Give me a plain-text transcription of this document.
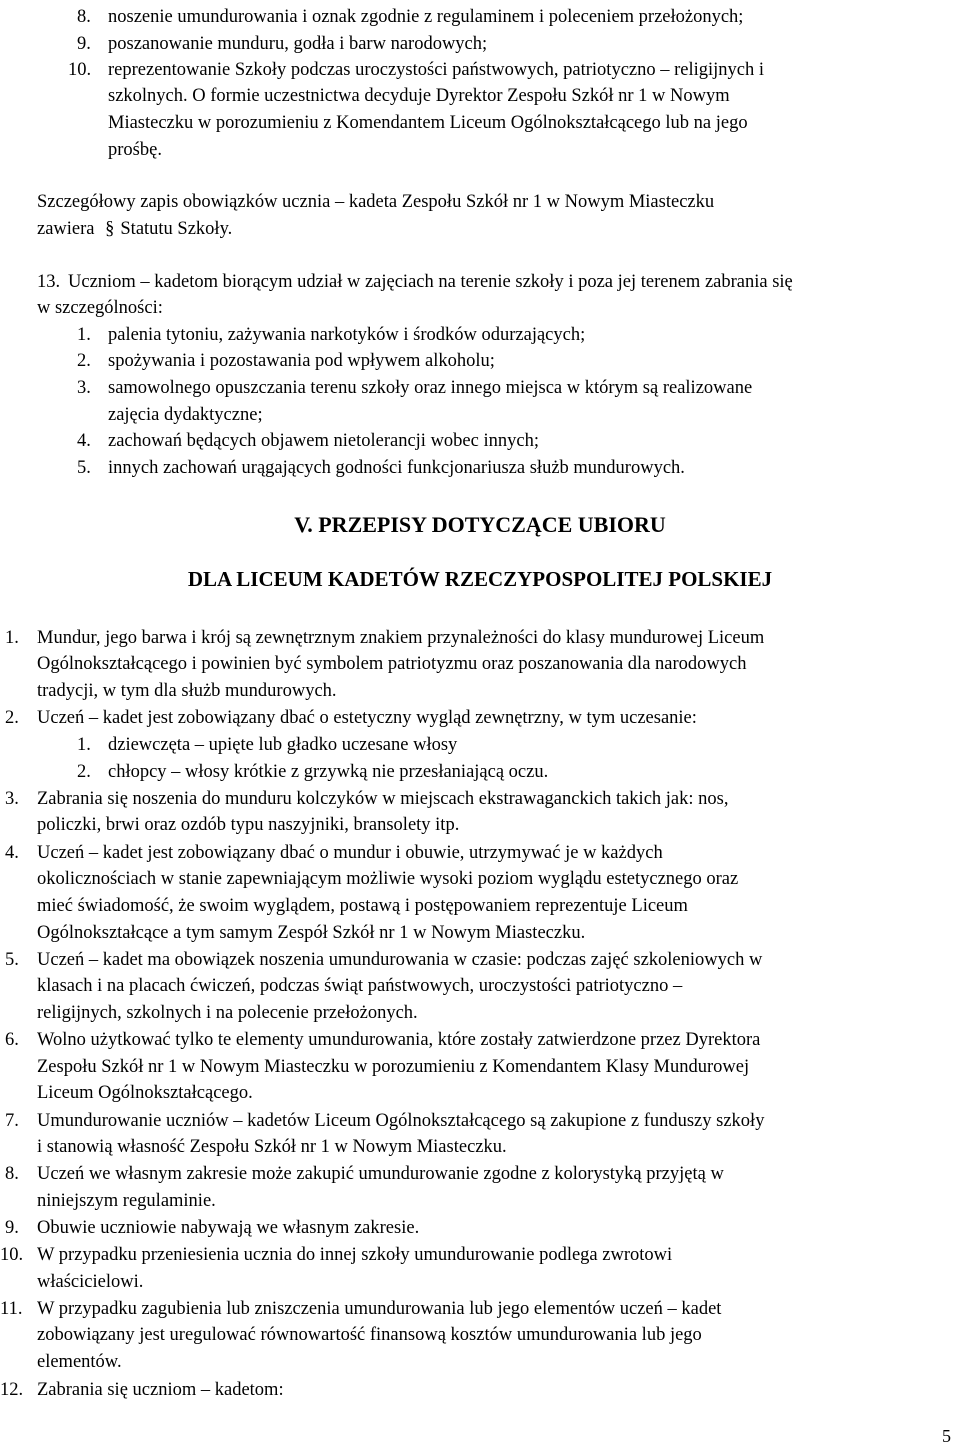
8. noszenie umundurowania i oznak zgodnie z regulaminem i poleceniem przełożonych;
9. poszanowanie munduru, godła i barw narodowych;
10. reprezentowanie Szkoły podczas uroczystości państwowych, patriotyczno – religijnych i
szkolnych. O formie uczestnictwa decyduje Dyrektor Zespołu Szkół nr 1 w Nowym
Miasteczku w porozumieniu z Komendantem Liceum Ogólnokształcącego lub na jego
prośbę.
Szczegółowy zapis obowiązków ucznia – kadeta Zespołu Szkół nr 1 w Nowym Miasteczku
zawiera § Statutu Szkoły.
13. Uczniom – kadetom biorącym udział w zajęciach na terenie szkoły i poza jej terenem zabrania się
w szczególności:
1. palenia tytoniu, zażywania narkotyków i środków odurzających;
2. spożywania i pozostawania pod wpływem alkoholu;
3. samowolnego opuszczania terenu szkoły oraz innego miejsca w którym są realizowane
zajęcia dydaktyczne;
4. zachowań będących objawem nietolerancji wobec innych;
5. innych zachowań urągających godności funkcjonariusza służb mundurowych.
V. PRZEPISY DOTYCZĄCE UBIORU
DLA LICEUM KADETÓW RZECZYPOSPOLITEJ POLSKIEJ
1. Mundur, jego barwa i krój są zewnętrznym znakiem przynależności do klasy mundurowej Liceum
Ogólnokształcącego i powinien być symbolem patriotyzmu oraz poszanowania dla narodowych
tradycji, w tym dla służb mundurowych.
2. Uczeń – kadet jest zobowiązany dbać o estetyczny wygląd zewnętrzny, w tym uczesanie:
1. dziewczęta – upięte lub gładko uczesane włosy
2. chłopcy – włosy krótkie z grzywką nie przesłaniającą oczu.
3. Zabrania się noszenia do munduru kolczyków w miejscach ekstrawaganckich takich jak: nos,
policzki, brwi oraz ozdób typu naszyjniki, bransolety itp.
4. Uczeń – kadet jest zobowiązany dbać o mundur i obuwie, utrzymywać je w każdych
okolicznościach w stanie zapewniającym możliwie wysoki poziom wyglądu estetycznego oraz
mieć świadomość, że swoim wyglądem, postawą i postępowaniem reprezentuje Liceum
Ogólnokształcące a tym samym Zespół Szkół nr 1 w Nowym Miasteczku.
5. Uczeń – kadet ma obowiązek noszenia umundurowania w czasie: podczas zajęć szkoleniowych w
klasach i na placach ćwiczeń, podczas świąt państwowych, uroczystości patriotyczno –
religijnych, szkolnych i na polecenie przełożonych.
6. Wolno użytkować tylko te elementy umundurowania, które zostały zatwierdzone przez Dyrektora
Zespołu Szkół nr 1 w Nowym Miasteczku w porozumieniu z Komendantem Klasy Mundurowej
Liceum Ogólnokształcącego.
7. Umundurowanie uczniów – kadetów Liceum Ogólnokształcącego są zakupione z funduszy szkoły
i stanowią własność Zespołu Szkół nr 1 w Nowym Miasteczku.
8. Uczeń we własnym zakresie może zakupić umundurowanie zgodne z kolorystyką przyjętą w
niniejszym regulaminie.
9. Obuwie uczniowie nabywają we własnym zakresie.
10. W przypadku przeniesienia ucznia do innej szkoły umundurowanie podlega zwrotowi
właścicielowi.
11. W przypadku zagubienia lub zniszczenia umundurowania lub jego elementów uczeń – kadet
zobowiązany jest uregulować równowartość finansową kosztów umundurowania lub jego
elementów.
12. Zabrania się uczniom – kadetom:
5
